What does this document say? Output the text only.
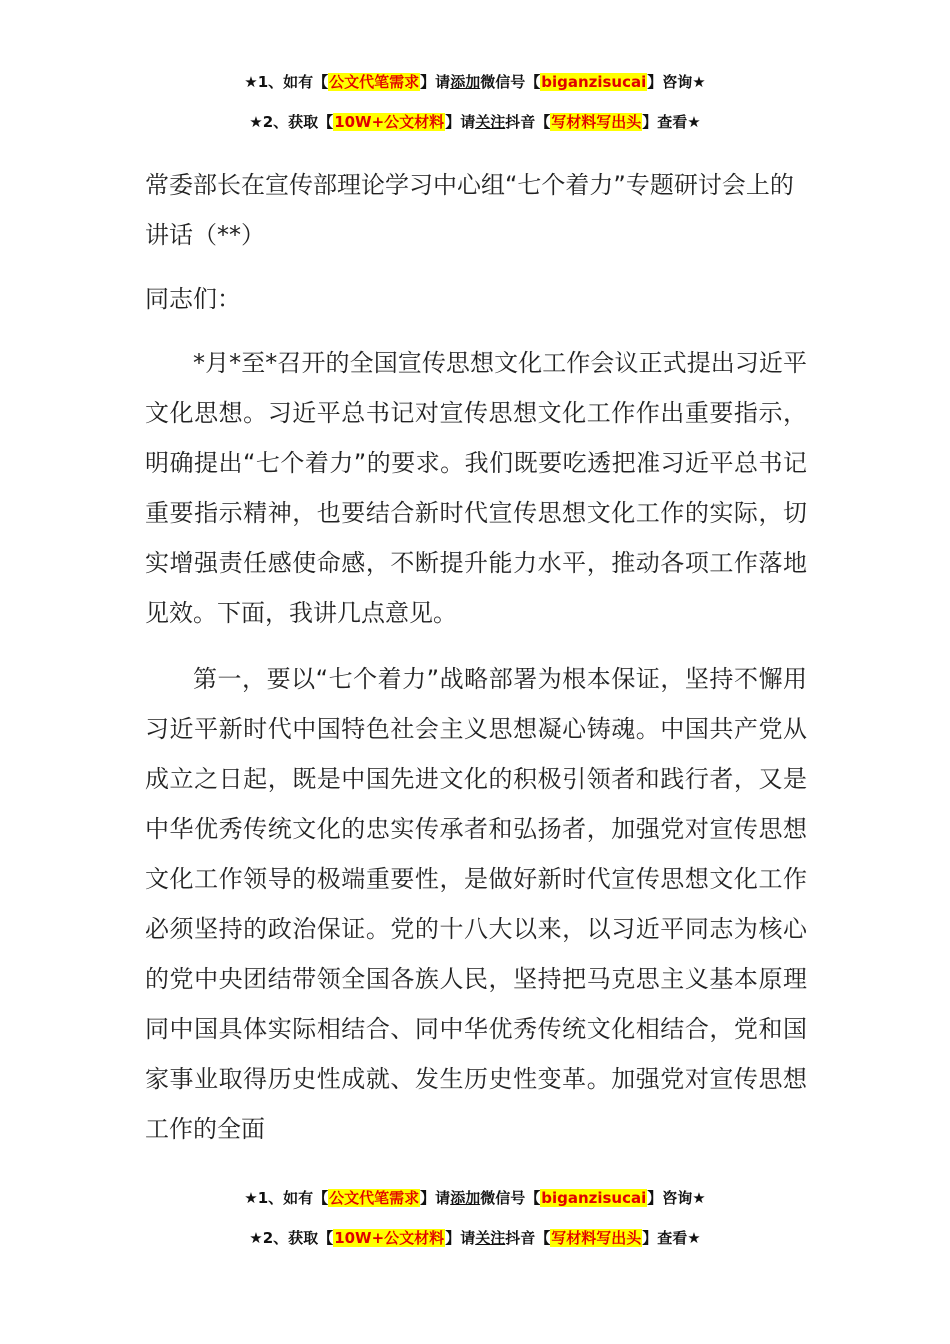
★1、如有【公文代笔需求】请添加微信号【biganzisucai】咨询★
★2、获取【10W+公文材料】请关注抖音【写材料写出头】查看★

常委部长在宣传部理论学习中心组“七个着力”专题研讨会上的讲话（**）

同志们：

*月*至*召开的全国宣传思想文化工作会议正式提出习近平文化思想。习近平总书记对宣传思想文化工作作出重要指示，明确提出“七个着力”的要求。我们既要吃透把准习近平总书记重要指示精神，也要结合新时代宣传思想文化工作的实际，切实增强责任感使命感，不断提升能力水平，推动各项工作落地见效。下面，我讲几点意见。

第一，要以“七个着力”战略部署为根本保证，坚持不懈用习近平新时代中国特色社会主义思想凝心铸魂。中国共产党从成立之日起，既是中国先进文化的积极引领者和践行者，又是中华优秀传统文化的忠实传承者和弘扬者，加强党对宣传思想文化工作领导的极端重要性，是做好新时代宣传思想文化工作必须坚持的政治保证。党的十八大以来，以习近平同志为核心的党中央团结带领全国各族人民，坚持把马克思主义基本原理同中国具体实际相结合、同中华优秀传统文化相结合，党和国家事业取得历史性成就、发生历史性变革。加强党对宣传思想工作的全面

★1、如有【公文代笔需求】请添加微信号【biganzisucai】咨询★
★2、获取【10W+公文材料】请关注抖音【写材料写出头】查看★
